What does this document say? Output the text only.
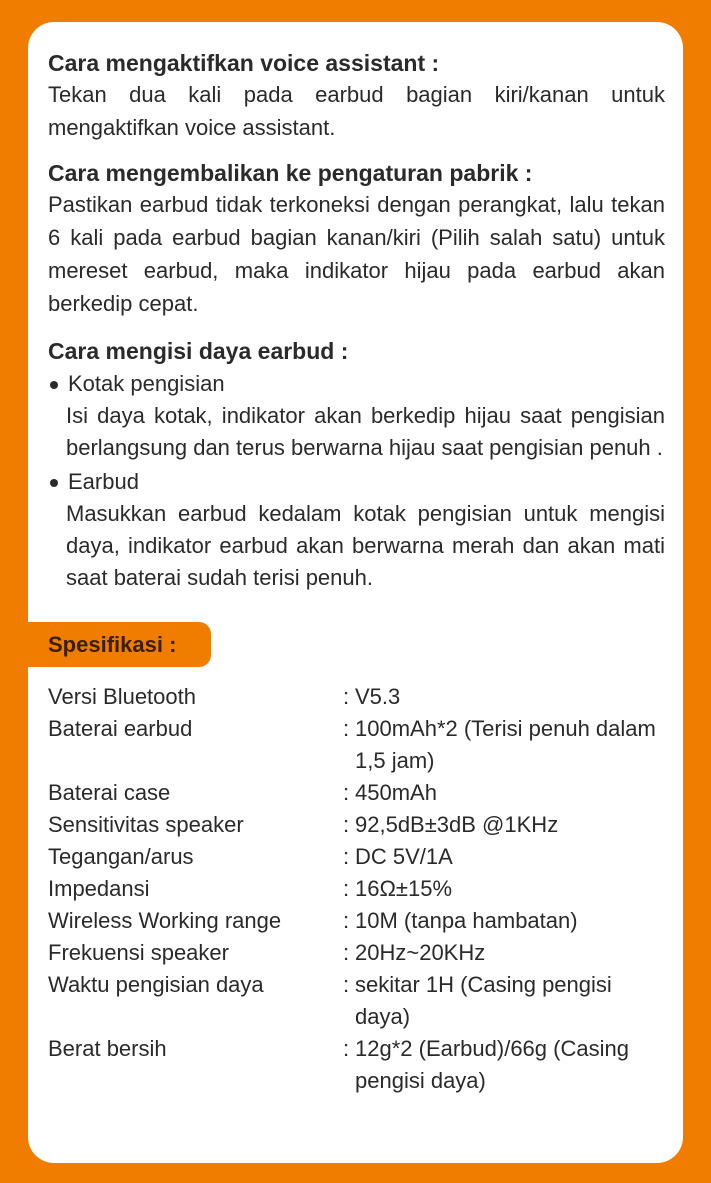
Cara mengaktifkan voice assistant :

Tekan dua kali pada earbud bagian kiri/kanan untuk mengaktifkan voice assistant.

Cara mengembalikan ke pengaturan pabrik :

Pastikan earbud tidak terkoneksi dengan perangkat, lalu tekan 6 kali pada earbud bagian kanan/kiri (Pilih salah satu) untuk mereset earbud, maka indikator hijau pada earbud akan berkedip cepat.

Cara mengisi daya earbud :
Kotak pengisian
Isi daya kotak, indikator akan berkedip hijau saat pengisian berlangsung dan terus berwarna hijau saat pengisian penuh .
Earbud
Masukkan earbud kedalam kotak pengisian untuk mengisi daya, indikator earbud akan berwarna merah dan akan mati saat baterai sudah terisi penuh.
Spesifikasi :
Versi Bluetooth	: V5.3
Baterai earbud	: 100mAh*2 (Terisi penuh dalam 1,5 jam)
Baterai case	: 450mAh
Sensitivitas speaker	: 92,5dB±3dB @1KHz
Tegangan/arus	: DC 5V/1A
Impedansi	: 16Ω±15%
Wireless Working range	: 10M (tanpa hambatan)
Frekuensi speaker	: 20Hz~20KHz
Waktu pengisian daya	: sekitar 1H (Casing pengisi daya)
Berat bersih	: 12g*2 (Earbud)/66g (Casing pengisi daya)
